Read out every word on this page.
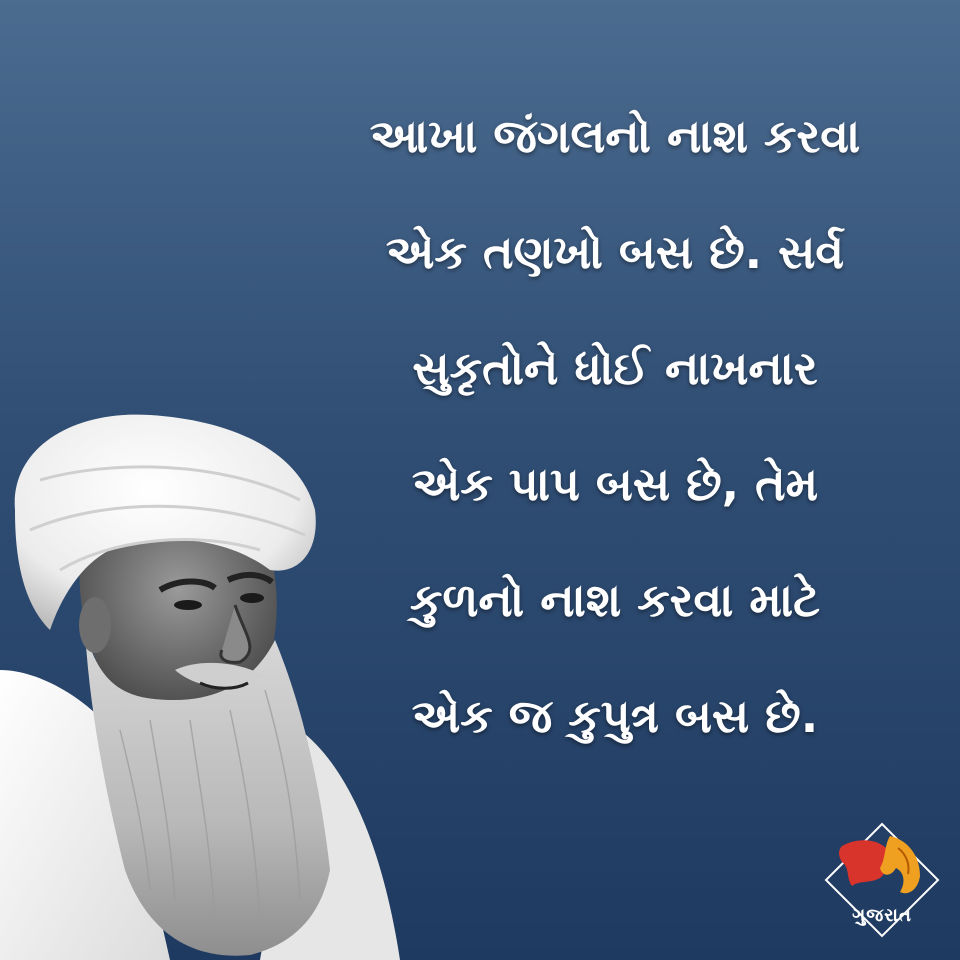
આખા જંગલનો નાશ કરવા
એક તણખો બસ છે. સર્વ
સુકૃતોને ધોઈ નાખનાર
એક પાપ બસ છે, તેમ
કુળનો નાશ કરવા માટે
એક જ કુપુત્ર બસ છે.
ગુજરાત
